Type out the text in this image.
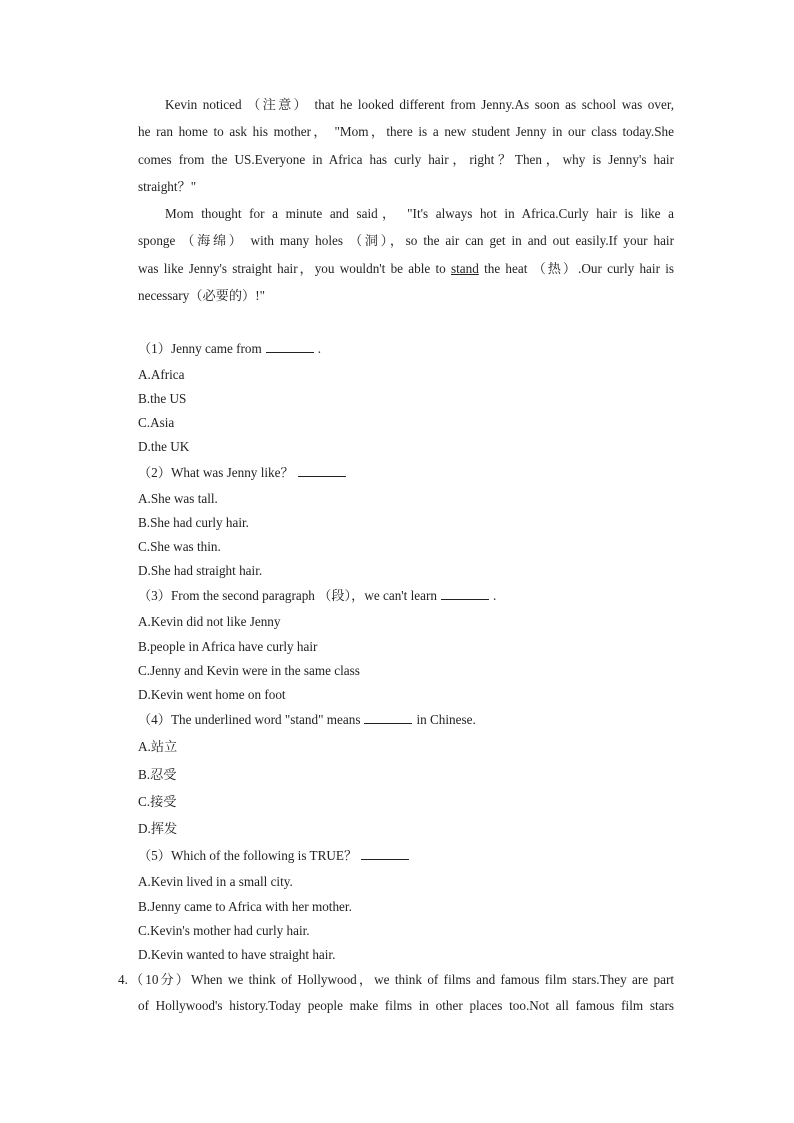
Kevin noticed （注意） that he looked different from Jenny.As soon as school was over,
he ran home to ask his mother， "Mom，there is a new student Jenny in our class today.She
comes from the US.Everyone in Africa has curly hair，right？Then，why is Jenny's hair
straight？"
Mom thought for a minute and said， "It's always hot in Africa.Curly hair is like a
sponge （海绵） with many holes （洞），so the air can get in and out easily.If your hair
was like Jenny's straight hair，you wouldn't be able to stand the heat （热）.Our curly hair is
necessary（必要的）!"
（1）Jenny came from	.
A.Africa
B.the US
C.Asia
D.the UK
（2）What was Jenny like？
A.She was tall.
B.She had curly hair.
C.She was thin.
D.She had straight hair.
（3）From the second paragraph （段），we can't learn	.
A.Kevin did not like Jenny
B.people in Africa have curly hair
C.Jenny and Kevin were in the same class
D.Kevin went home on foot
（4）The underlined word "stand" means	in Chinese.
A.站立
B.忍受
C.接受
D.挥发
（5）Which of the following is TRUE？
A.Kevin lived in a small city.
B.Jenny came to Africa with her mother.
C.Kevin's mother had curly hair.
D.Kevin wanted to have straight hair.
4.（10分）When we think of Hollywood，we think of films and famous film stars.They are part
of Hollywood's history.Today people make films in other places too.Not all famous film stars
